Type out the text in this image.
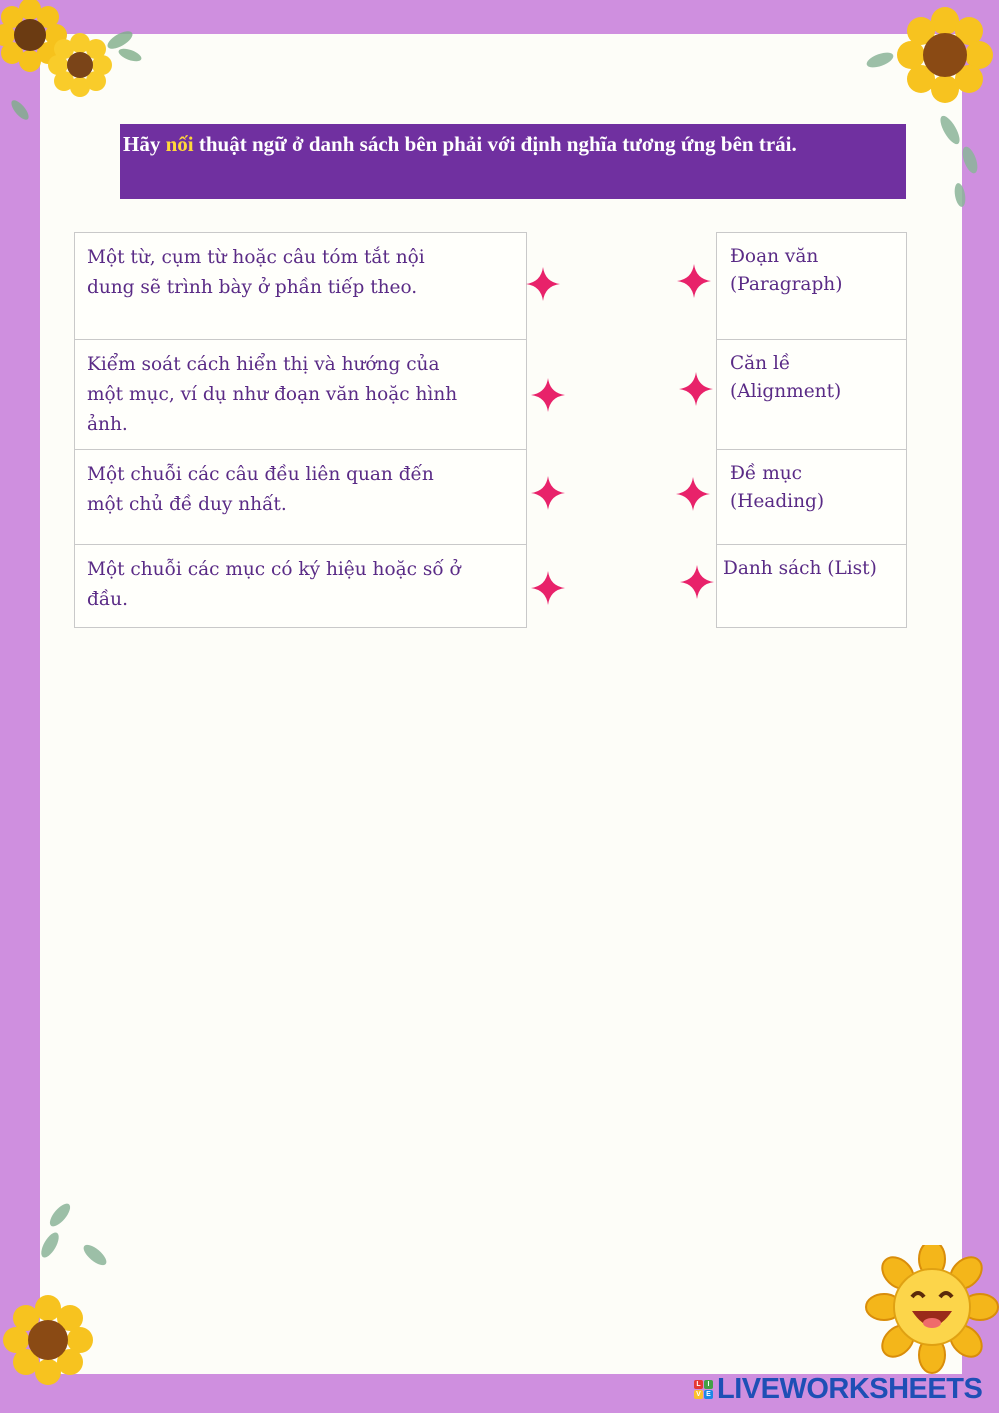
Hãy nối thuật ngữ ở danh sách bên phải với định nghĩa tương ứng bên trái.
Một từ, cụm từ hoặc câu tóm tắt nội dung sẽ trình bày ở phần tiếp theo.
Kiểm soát cách hiển thị và hướng của một mục, ví dụ như đoạn văn hoặc hình ảnh.
Một chuỗi các câu đều liên quan đến một chủ đề duy nhất.
Một chuỗi các mục có ký hiệu hoặc số ở đầu.
Đoạn văn (Paragraph)
Căn lề (Alignment)
Đề mục (Heading)
Danh sách (List)
L I
V E LIVEWORKSHEETS
